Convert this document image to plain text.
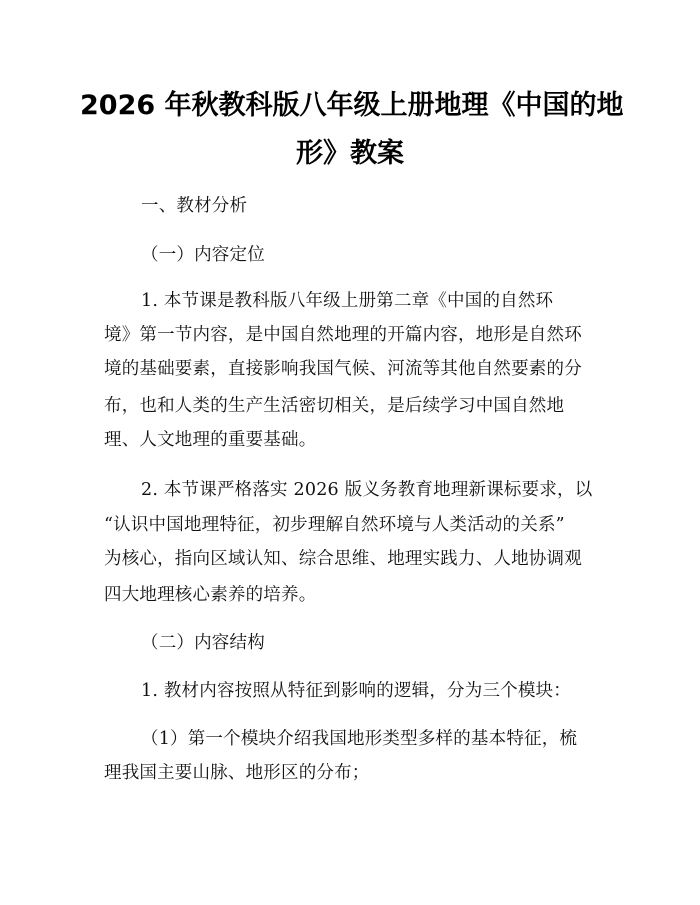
2026 年秋教科版八年级上册地理《中国的地
形》教案
一、教材分析
（一）内容定位
1. 本节课是教科版八年级上册第二章《中国的自然环
境》第一节内容，是中国自然地理的开篇内容，地形是自然环
境的基础要素，直接影响我国气候、河流等其他自然要素的分
布，也和人类的生产生活密切相关，是后续学习中国自然地
理、人文地理的重要基础。
2. 本节课严格落实 2026 版义务教育地理新课标要求，以
“认识中国地理特征，初步理解自然环境与人类活动的关系”
为核心，指向区域认知、综合思维、地理实践力、人地协调观
四大地理核心素养的培养。
（二）内容结构
1. 教材内容按照从特征到影响的逻辑，分为三个模块：
（1）第一个模块介绍我国地形类型多样的基本特征，梳
理我国主要山脉、地形区的分布；
